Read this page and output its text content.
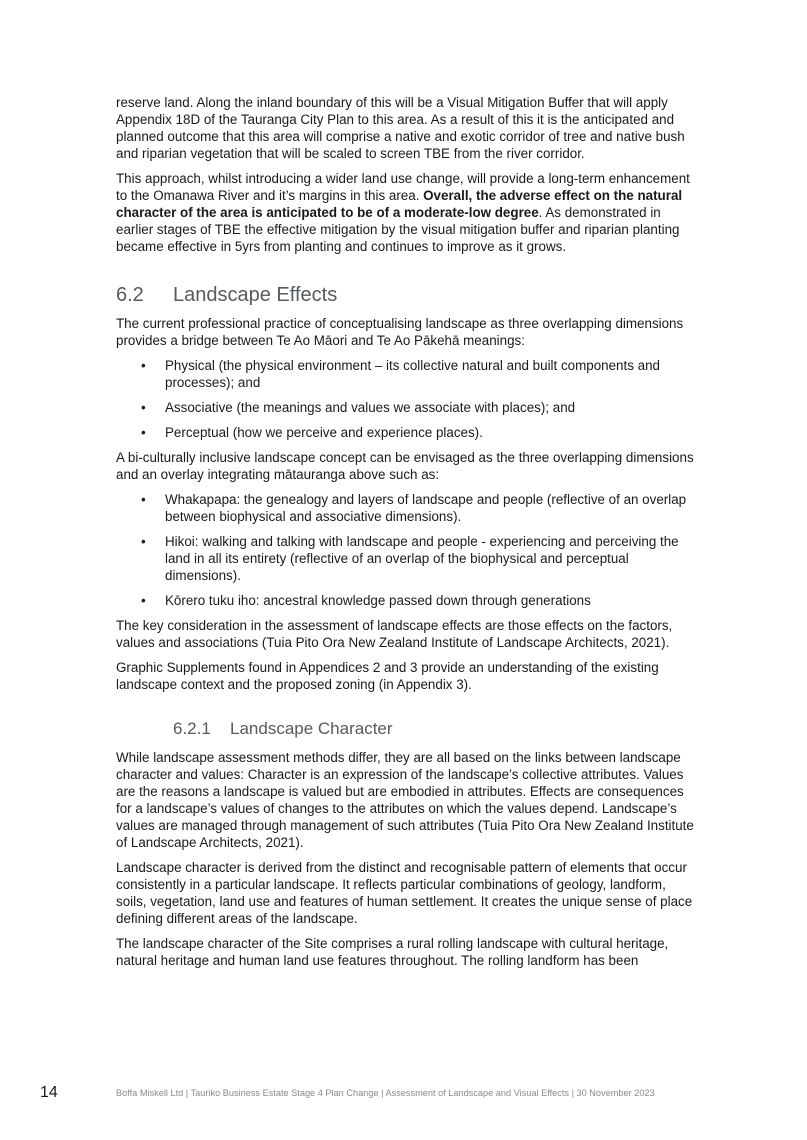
reserve land. Along the inland boundary of this will be a Visual Mitigation Buffer that will apply Appendix 18D of the Tauranga City Plan to this area. As a result of this it is the anticipated and planned outcome that this area will comprise a native and exotic corridor of tree and native bush and riparian vegetation that will be scaled to screen TBE from the river corridor.

This approach, whilst introducing a wider land use change, will provide a long-term enhancement to the Omanawa River and it’s margins in this area. Overall, the adverse effect on the natural character of the area is anticipated to be of a moderate-low degree. As demonstrated in earlier stages of TBE the effective mitigation by the visual mitigation buffer and riparian planting became effective in 5yrs from planting and continues to improve as it grows.

6.2	Landscape Effects

The current professional practice of conceptualising landscape as three overlapping dimensions provides a bridge between Te Ao Māori and Te Ao Pākehā meanings:

• Physical (the physical environment – its collective natural and built components and processes); and
• Associative (the meanings and values we associate with places); and
• Perceptual (how we perceive and experience places).

A bi-culturally inclusive landscape concept can be envisaged as the three overlapping dimensions and an overlay integrating mātauranga above such as:

• Whakapapa: the genealogy and layers of landscape and people (reflective of an overlap between biophysical and associative dimensions).
• Hikoi: walking and talking with landscape and people - experiencing and perceiving the land in all its entirety (reflective of an overlap of the biophysical and perceptual dimensions).
• Kōrero tuku iho: ancestral knowledge passed down through generations

The key consideration in the assessment of landscape effects are those effects on the factors, values and associations (Tuia Pito Ora New Zealand Institute of Landscape Architects, 2021).

Graphic Supplements found in Appendices 2 and 3 provide an understanding of the existing landscape context and the proposed zoning (in Appendix 3).

6.2.1	Landscape Character

While landscape assessment methods differ, they are all based on the links between landscape character and values: Character is an expression of the landscape’s collective attributes. Values are the reasons a landscape is valued but are embodied in attributes. Effects are consequences for a landscape’s values of changes to the attributes on which the values depend. Landscape’s values are managed through management of such attributes (Tuia Pito Ora New Zealand Institute of Landscape Architects, 2021).

Landscape character is derived from the distinct and recognisable pattern of elements that occur consistently in a particular landscape. It reflects particular combinations of geology, landform, soils, vegetation, land use and features of human settlement. It creates the unique sense of place defining different areas of the landscape.

The landscape character of the Site comprises a rural rolling landscape with cultural heritage, natural heritage and human land use features throughout. The rolling landform has been

14	Boffa Miskell Ltd | Tauriko Business Estate Stage 4 Plan Change | Assessment of Landscape and Visual Effects | 30 November 2023
